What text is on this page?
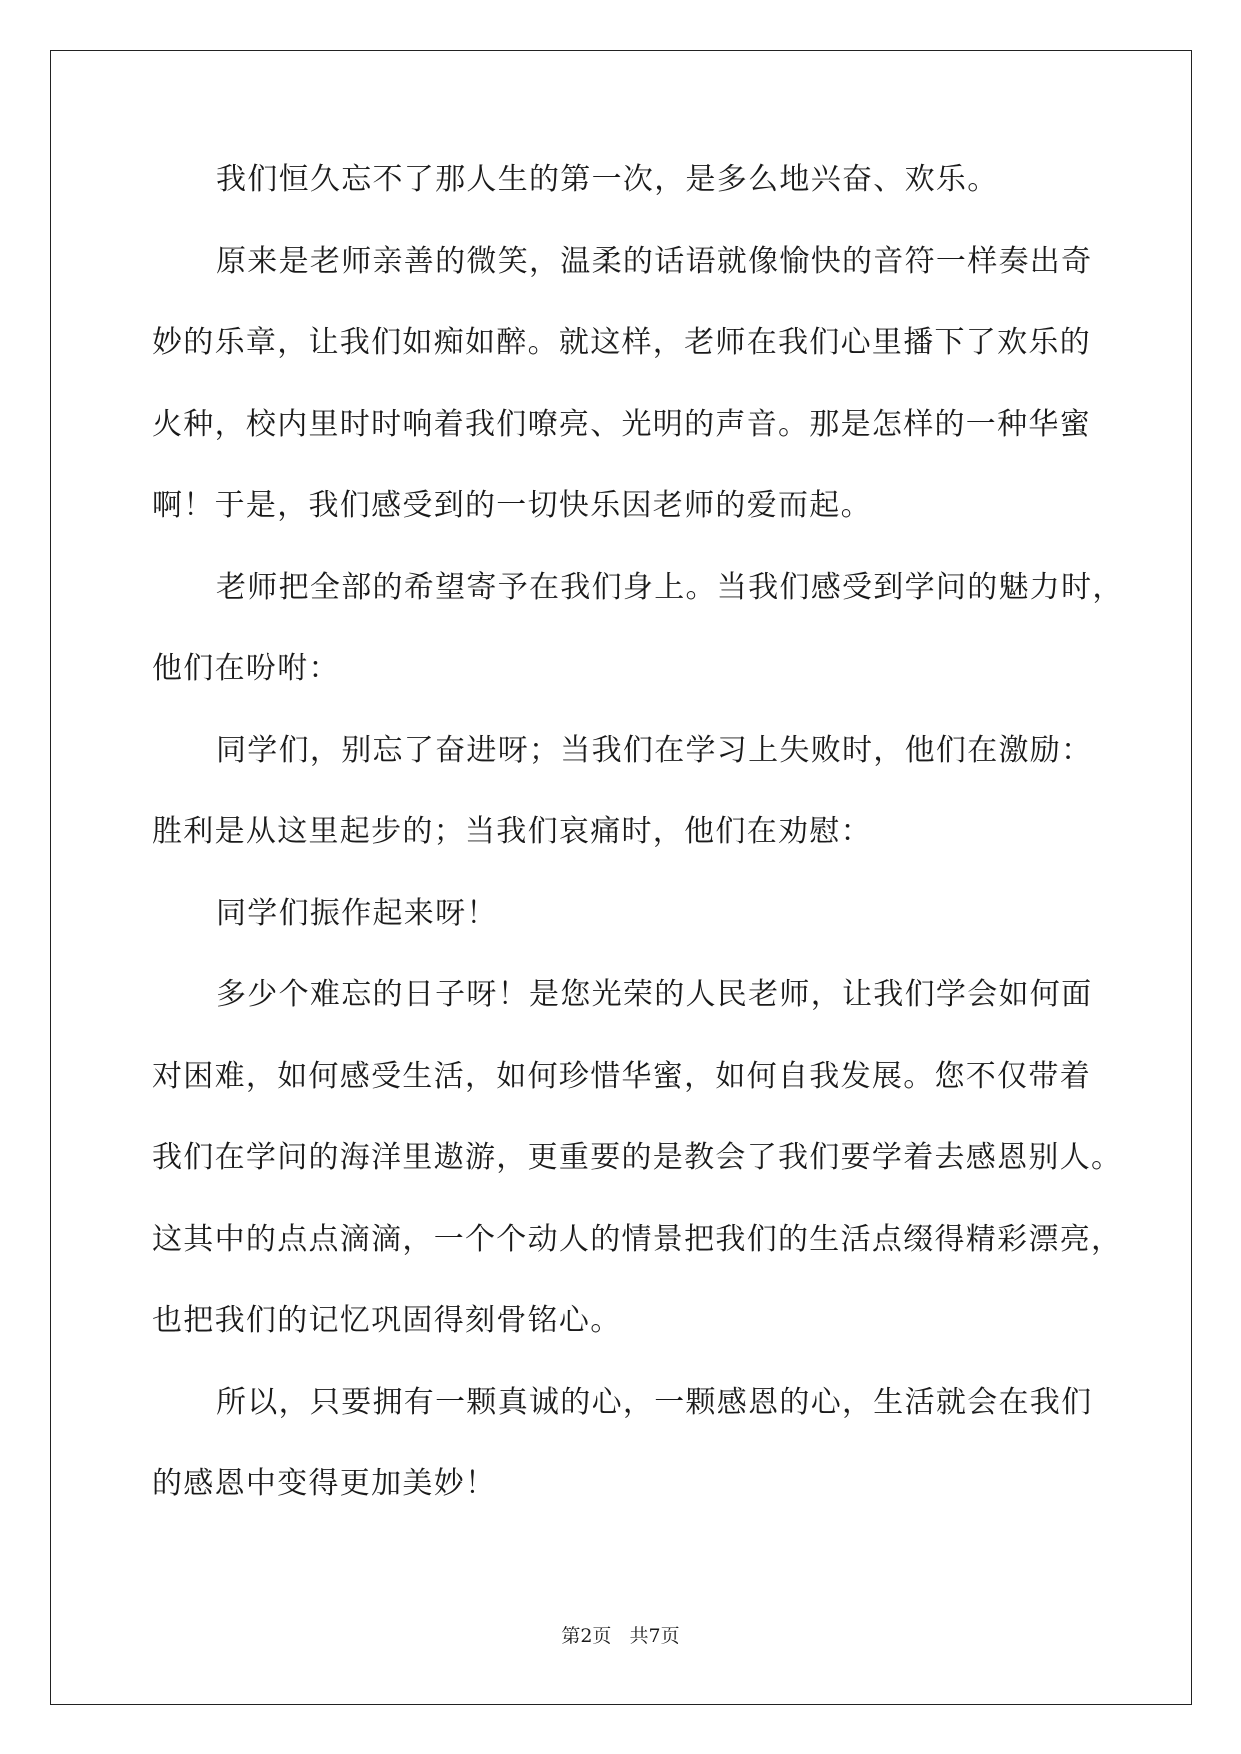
我们恒久忘不了那人生的第一次，是多么地兴奋、欢乐。
原来是老师亲善的微笑，温柔的话语就像愉快的音符一样奏出奇
妙的乐章，让我们如痴如醉。就这样，老师在我们心里播下了欢乐的
火种，校内里时时响着我们嘹亮、光明的声音。那是怎样的一种华蜜
啊！于是，我们感受到的一切快乐因老师的爱而起。
老师把全部的希望寄予在我们身上。当我们感受到学问的魅力时，
他们在吩咐：
同学们，别忘了奋进呀；当我们在学习上失败时，他们在激励：
胜利是从这里起步的；当我们哀痛时，他们在劝慰：
同学们振作起来呀！
多少个难忘的日子呀！是您光荣的人民老师，让我们学会如何面
对困难，如何感受生活，如何珍惜华蜜，如何自我发展。您不仅带着
我们在学问的海洋里遨游，更重要的是教会了我们要学着去感恩别人。
这其中的点点滴滴，一个个动人的情景把我们的生活点缀得精彩漂亮，
也把我们的记忆巩固得刻骨铭心。
所以，只要拥有一颗真诚的心，一颗感恩的心，生活就会在我们
的感恩中变得更加美妙！
第2页   共7页
